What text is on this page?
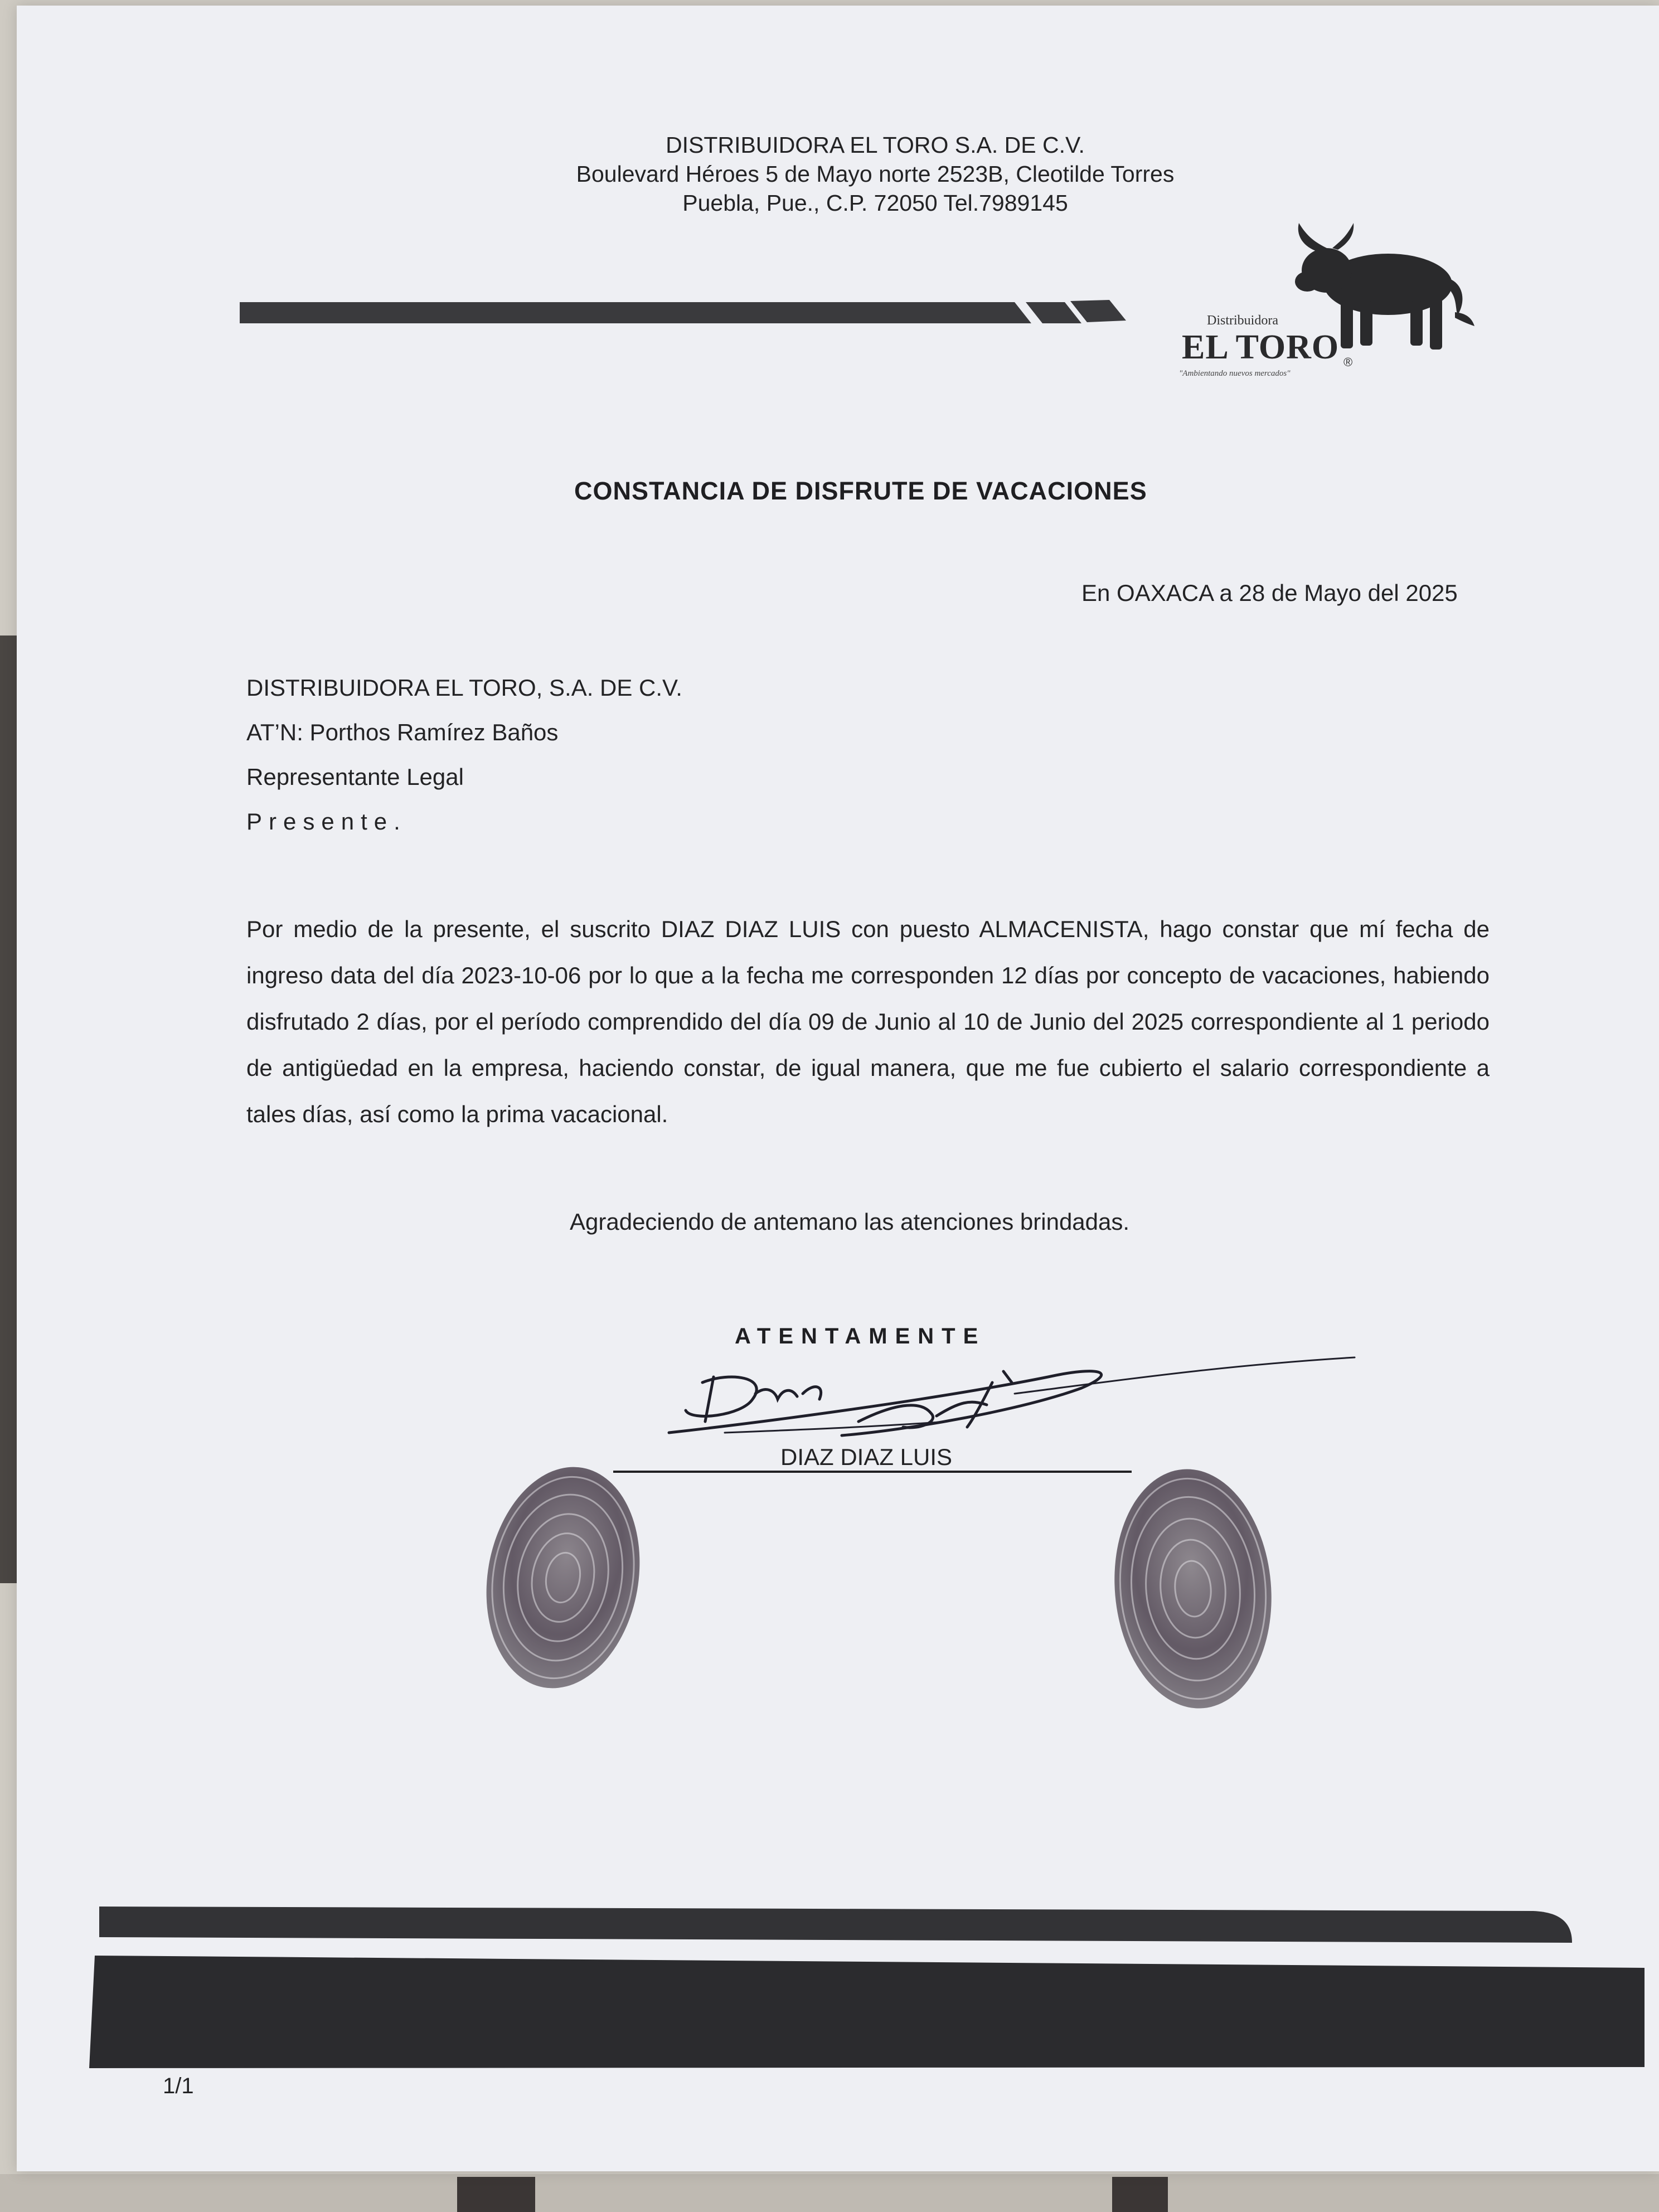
DISTRIBUIDORA EL TORO S.A. DE C.V.

Boulevard Héroes 5 de Mayo norte 2523B, Cleotilde Torres

Puebla, Pue., C.P. 72050 Tel.7989145

Distribuidora
EL TORO ®
"Ambientando nuevos mercados"

CONSTANCIA DE DISFRUTE DE VACACIONES

En OAXACA a 28 de Mayo del 2025

DISTRIBUIDORA EL TORO, S.A. DE C.V.

AT’N: Porthos Ramírez Baños

Representante Legal

Presente.

Por medio de la presente, el suscrito DIAZ DIAZ LUIS con puesto ALMACENISTA, hago constar que mí fecha de ingreso data del día 2023-10-06 por lo que a la fecha me corresponden 12 días por concepto de vacaciones, habiendo disfrutado 2 días, por el período comprendido del día 09 de Junio al 10 de Junio del 2025 correspondiente al 1 periodo de antigüedad en la empresa, haciendo constar, de igual manera, que me fue cubierto el salario correspondiente a tales días, así como la prima vacacional.

Agradeciendo de antemano las atenciones brindadas.

ATENTAMENTE

DIAZ DIAZ LUIS

1/1
